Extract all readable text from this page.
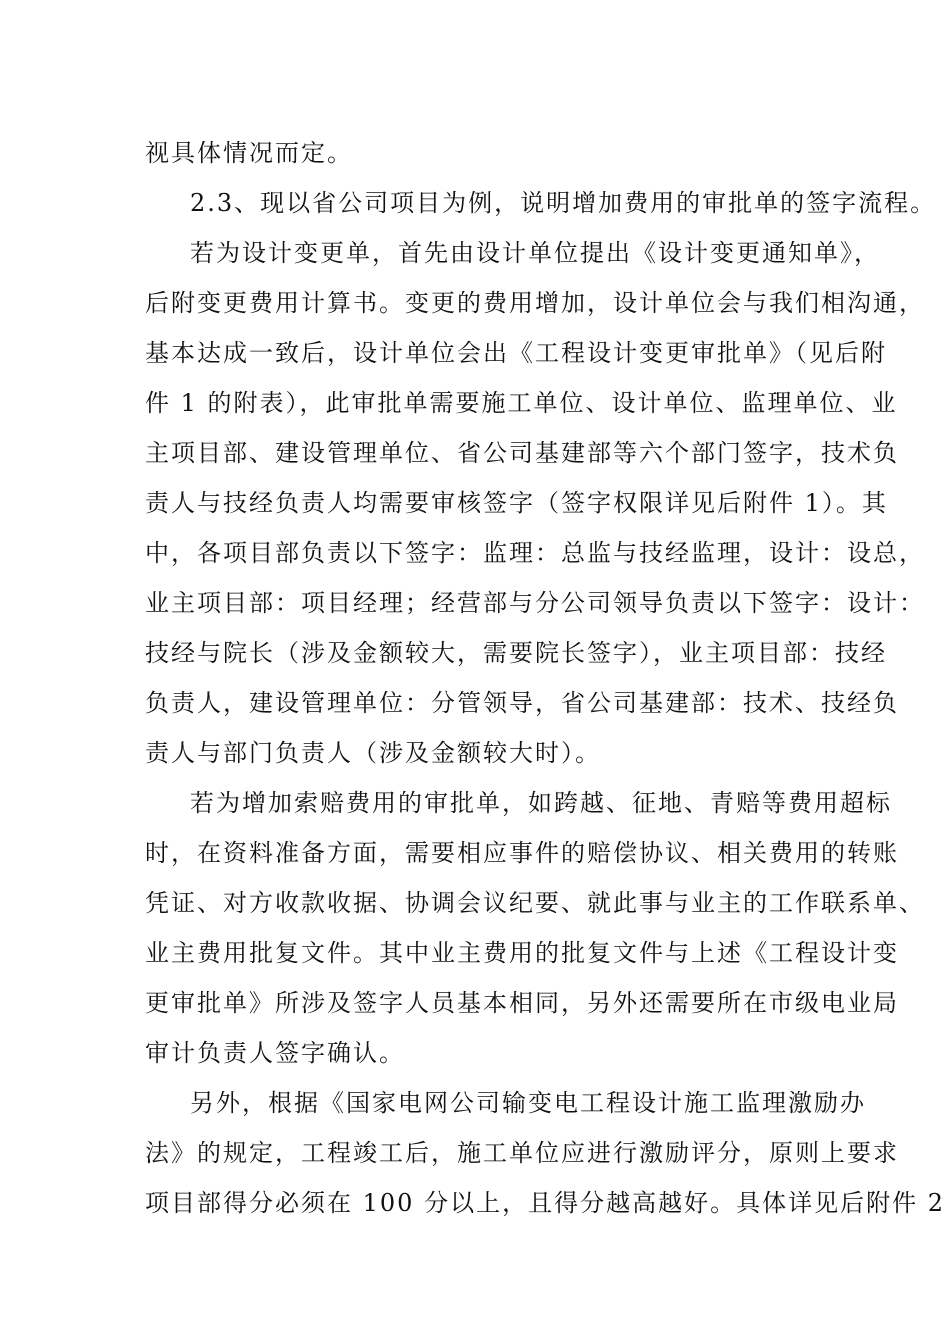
视具体情况而定。
2.3、现以省公司项目为例，说明增加费用的审批单的签字流程。
若为设计变更单，首先由设计单位提出《设计变更通知单》，
后附变更费用计算书。变更的费用增加，设计单位会与我们相沟通，
基本达成一致后，设计单位会出《工程设计变更审批单》（见后附
件 1 的附表），此审批单需要施工单位、设计单位、监理单位、业
主项目部、建设管理单位、省公司基建部等六个部门签字，技术负
责人与技经负责人均需要审核签字（签字权限详见后附件 1）。其
中，各项目部负责以下签字：监理：总监与技经监理，设计：设总，
业主项目部：项目经理；经营部与分公司领导负责以下签字：设计：
技经与院长（涉及金额较大，需要院长签字），业主项目部：技经
负责人，建设管理单位：分管领导，省公司基建部：技术、技经负
责人与部门负责人（涉及金额较大时）。
若为增加索赔费用的审批单，如跨越、征地、青赔等费用超标
时，在资料准备方面，需要相应事件的赔偿协议、相关费用的转账
凭证、对方收款收据、协调会议纪要、就此事与业主的工作联系单、
业主费用批复文件。其中业主费用的批复文件与上述《工程设计变
更审批单》所涉及签字人员基本相同，另外还需要所在市级电业局
审计负责人签字确认。
另外，根据《国家电网公司输变电工程设计施工监理激励办
法》的规定，工程竣工后，施工单位应进行激励评分，原则上要求
项目部得分必须在 100 分以上，且得分越高越好。具体详见后附件 2
